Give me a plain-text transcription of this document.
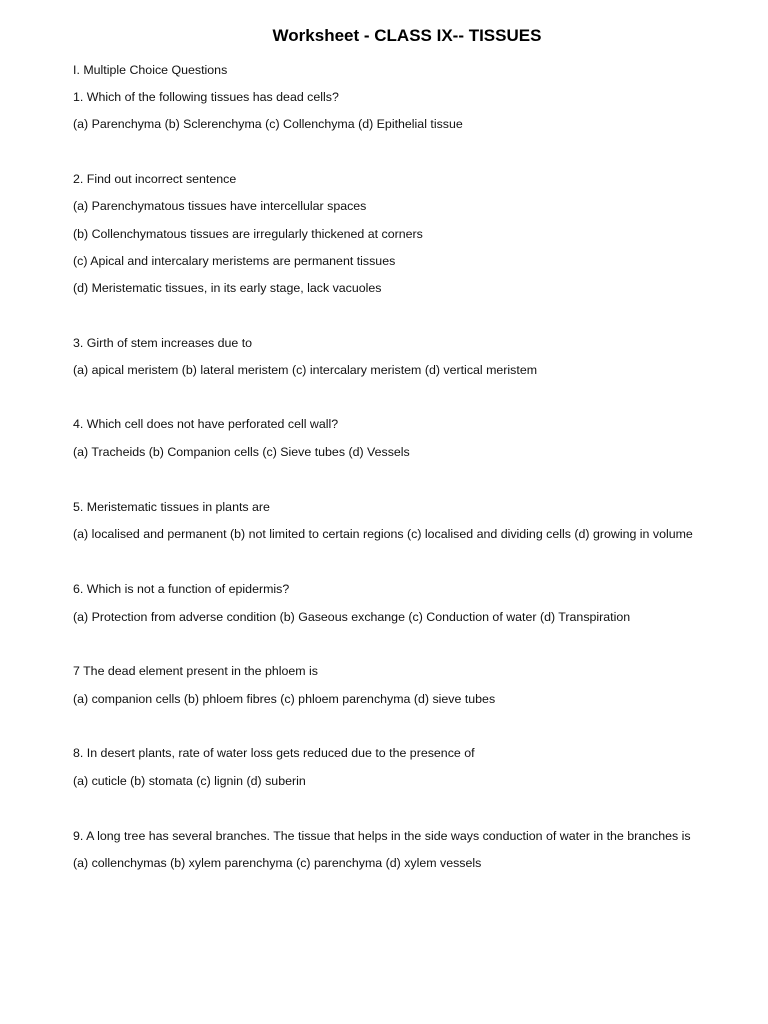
Worksheet - CLASS IX-- TISSUES
I. Multiple Choice Questions
1. Which of the following tissues has dead cells?
(a) Parenchyma (b) Sclerenchyma (c) Collenchyma (d) Epithelial tissue
2. Find out incorrect sentence
(a) Parenchymatous tissues have intercellular spaces
(b) Collenchymatous tissues are irregularly thickened at corners
(c) Apical and intercalary meristems are permanent tissues
(d) Meristematic tissues, in its early stage, lack vacuoles
3. Girth of stem increases due to
(a) apical meristem (b) lateral meristem (c) intercalary meristem (d) vertical meristem
4. Which cell does not have perforated cell wall?
(a) Tracheids (b) Companion cells (c) Sieve tubes (d) Vessels
5. Meristematic tissues in plants are
(a) localised and permanent (b) not limited to certain regions (c) localised and dividing cells (d) growing in volume
6. Which is not a function of epidermis?
(a) Protection from adverse condition (b) Gaseous exchange (c) Conduction of water (d) Transpiration
7 The dead element present in the phloem is
(a) companion cells (b) phloem fibres (c) phloem parenchyma (d) sieve tubes
8. In desert plants, rate of water loss gets reduced due to the presence of
(a) cuticle (b) stomata (c) lignin (d) suberin
9. A long tree has several branches. The tissue that helps in the side ways conduction of water in the branches is
(a) collenchymas (b) xylem parenchyma (c) parenchyma (d) xylem vessels
